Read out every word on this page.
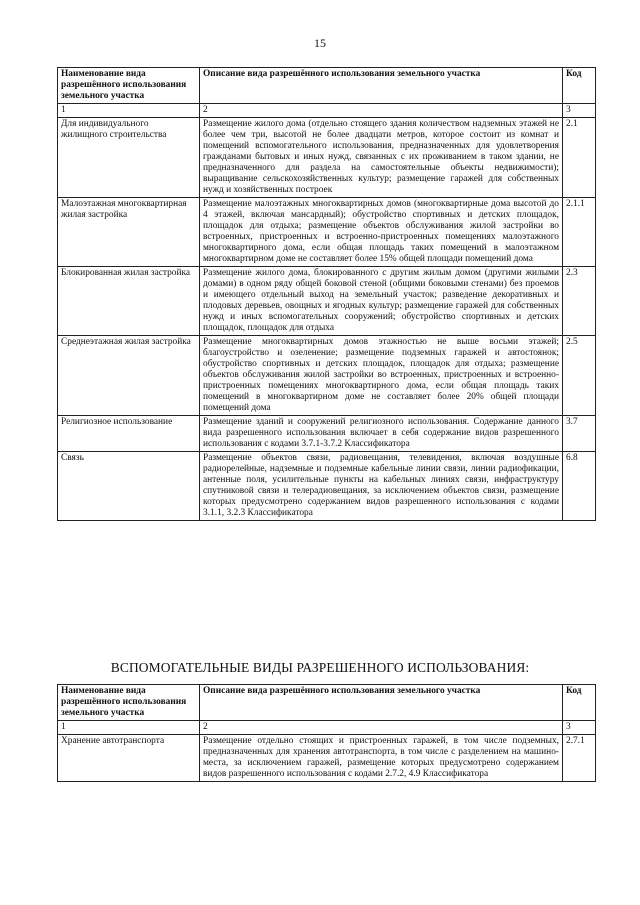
15
Наименование вида разрешённого использования земельного участка	Описание вида разрешённого использования земельного участка	Код
1	2	3
Для индивидуального жилищного строительства	Размещение жилого дома (отдельно стоящего здания количеством надземных этажей не более чем три, высотой не более двадцати метров, которое состоит из комнат и помещений вспомогательного использования, предназначенных для удовлетворения гражданами бытовых и иных нужд, связанных с их проживанием в таком здании, не предназначенного для раздела на самостоятельные объекты недвижимости); выращивание сельскохозяйственных культур; размещение гаражей для собственных нужд и хозяйственных построек	2.1
Малоэтажная многоквартирная жилая застройка	Размещение малоэтажных многоквартирных домов (многоквартирные дома высотой до 4 этажей, включая мансардный); обустройство спортивных и детских площадок, площадок для отдыха; размещение объектов обслуживания жилой застройки во встроенных, пристроенных и встроенно-пристроенных помещениях малоэтажного многоквартирного дома, если общая площадь таких помещений в малоэтажном многоквартирном доме не составляет более 15% общей площади помещений дома	2.1.1
Блокированная жилая застройка	Размещение жилого дома, блокированного с другим жилым домом (другими жилыми домами) в одном ряду общей боковой стеной (общими боковыми стенами) без проемов и имеющего отдельный выход на земельный участок; разведение декоративных и плодовых деревьев, овощных и ягодных культур; размещение гаражей для собственных нужд и иных вспомогательных сооружений; обустройство спортивных и детских площадок, площадок для отдыха	2.3
Среднеэтажная жилая застройка	Размещение многоквартирных домов этажностью не выше восьми этажей; благоустройство и озеленение; размещение подземных гаражей и автостоянок; обустройство спортивных и детских площадок, площадок для отдыха; размещение объектов обслуживания жилой застройки во встроенных, пристроенных и встроенно-пристроенных помещениях многоквартирного дома, если общая площадь таких помещений в многоквартирном доме не составляет более 20% общей площади помещений дома	2.5
Религиозное использование	Размещение зданий и сооружений религиозного использования. Содержание данного вида разрешенного использования включает в себя содержание видов разрешенного использования с кодами 3.7.1-3.7.2 Классификатора	3.7
Связь	Размещение объектов связи, радиовещания, телевидения, включая воздушные радиорелейные, надземные и подземные кабельные линии связи, линии радиофикации, антенные поля, усилительные пункты на кабельных линиях связи, инфраструктуру спутниковой связи и телерадиовещания, за исключением объектов связи, размещение которых предусмотрено содержанием видов разрешенного использования с кодами 3.1.1, 3.2.3 Классификатора	6.8
ВСПОМОГАТЕЛЬНЫЕ ВИДЫ РАЗРЕШЕННОГО ИСПОЛЬЗОВАНИЯ:
Наименование вида разрешённого использования земельного участка	Описание вида разрешённого использования земельного участка	Код
1	2	3
Хранение автотранспорта	Размещение отдельно стоящих и пристроенных гаражей, в том числе подземных, предназначенных для хранения автотранспорта, в том числе с разделением на машино-места, за исключением гаражей, размещение которых предусмотрено содержанием видов разрешенного использования с кодами 2.7.2, 4.9 Классификатора	2.7.1
